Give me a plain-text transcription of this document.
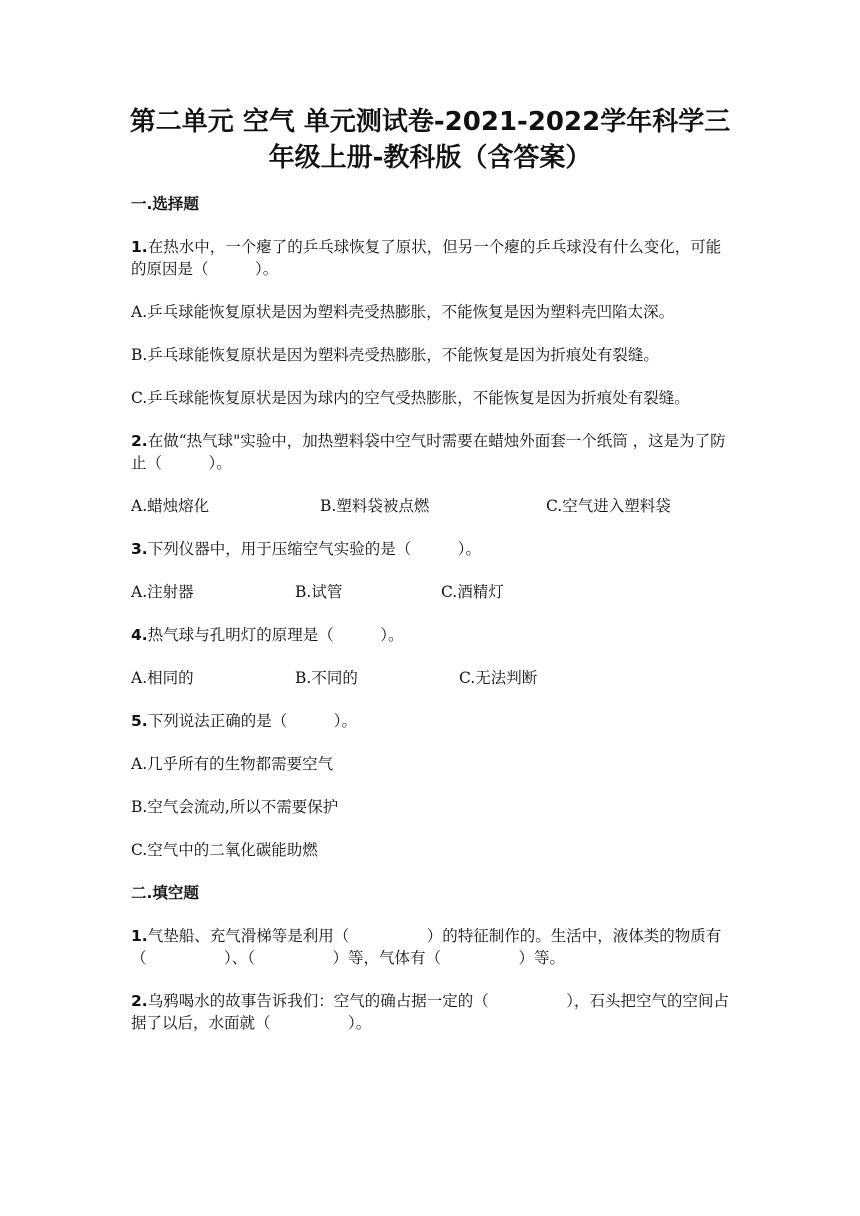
第二单元 空气 单元测试卷-2021-2022学年科学三
年级上册-教科版（含答案）
一.选择题
1.在热水中，一个瘪了的乒乓球恢复了原状，但另一个瘪的乒乓球没有什么变化，可能的原因是（　　　）。
A.乒乓球能恢复原状是因为塑料壳受热膨胀，不能恢复是因为塑料壳凹陷太深。
B.乒乓球能恢复原状是因为塑料壳受热膨胀，不能恢复是因为折痕处有裂缝。
C.乒乓球能恢复原状是因为球内的空气受热膨胀，不能恢复是因为折痕处有裂缝。
2.在做“热气球"实验中，加热塑料袋中空气时需要在蜡烛外面套一个纸筒 ，这是为了防止（　　　）。
A.蜡烛熔化	B.塑料袋被点燃	C.空气进入塑料袋
3.下列仪器中，用于压缩空气实验的是（　　　）。
A.注射器	B.试管	C.酒精灯
4.热气球与孔明灯的原理是（　　　）。
A.相同的	B.不同的	C.无法判断
5.下列说法正确的是（　　　）。
A.几乎所有的生物都需要空气
B.空气会流动,所以不需要保护
C.空气中的二氧化碳能助燃
二.填空题
1.气垫船、充气滑梯等是利用（　　　　　）的特征制作的。生活中，液体类的物质有（　　　　　）、（　　　　　）等，气体有（　　　　　）等。
2.乌鸦喝水的故事告诉我们：空气的确占据一定的（　　　　　），石头把空气的空间占据了以后，水面就（　　　　　）。
